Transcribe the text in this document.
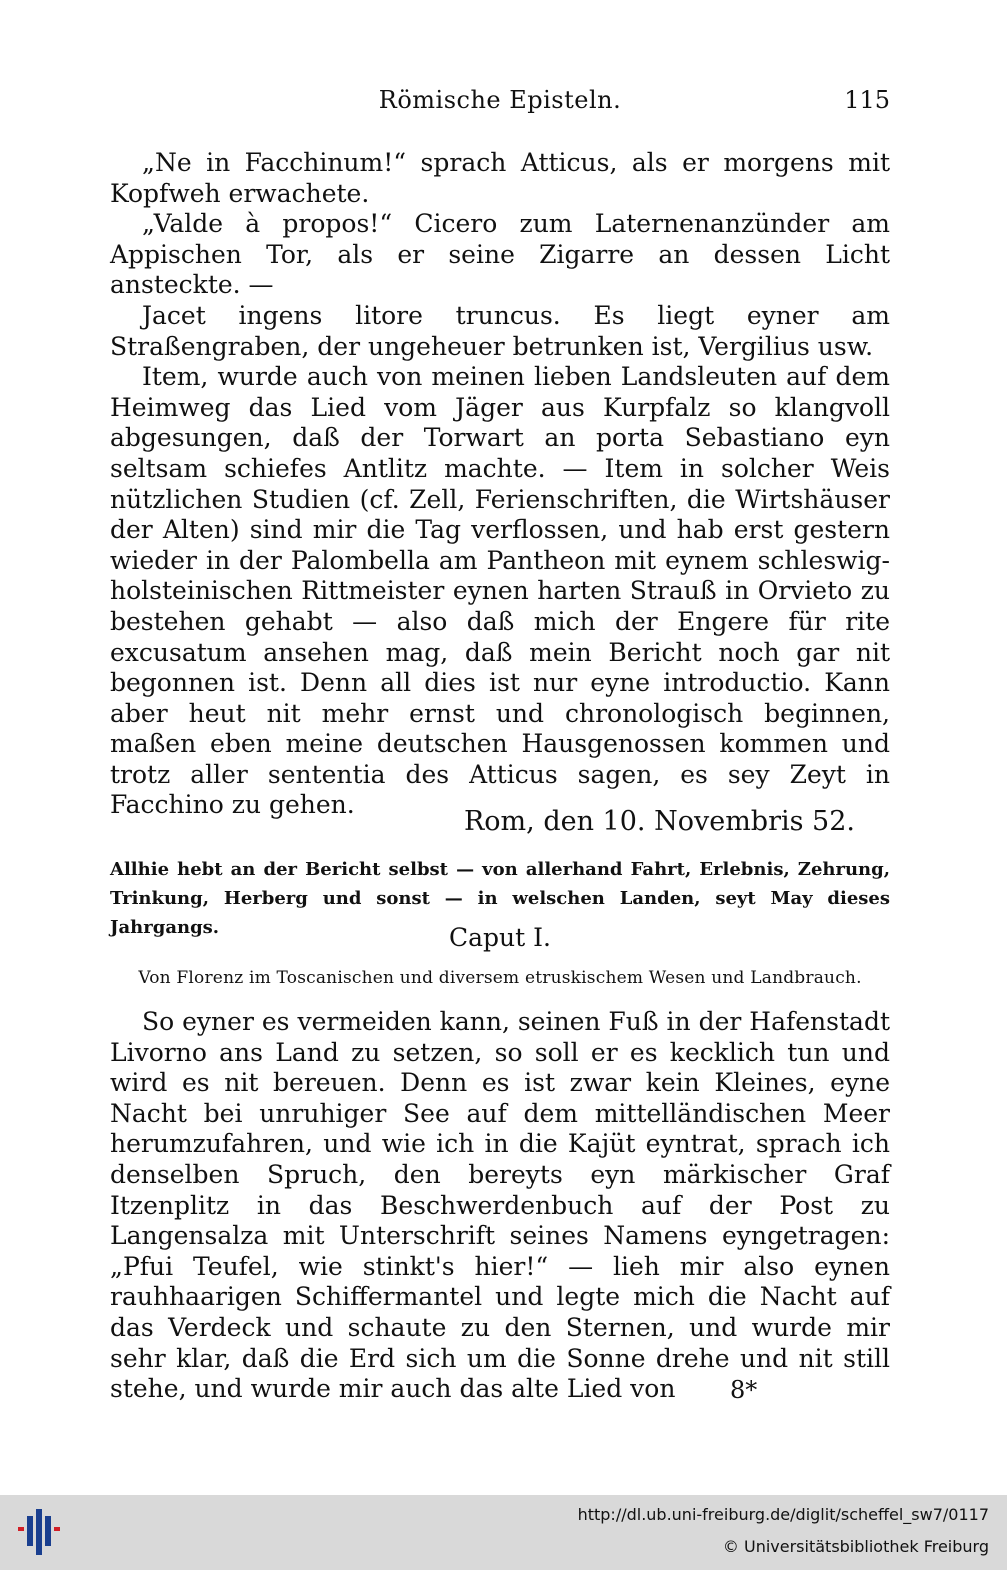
Römische Episteln.	115

„Ne in Facchinum!“ sprach Atticus, als er morgens mit Kopfweh erwachete.

„Valde à propos!“ Cicero zum Laternenanzünder am Appischen Tor, als er seine Zigarre an dessen Licht ansteckte. —

Jacet ingens litore truncus. Es liegt eyner am Straßengraben, der ungeheuer betrunken ist, Vergilius usw.

Item, wurde auch von meinen lieben Landsleuten auf dem Heimweg das Lied vom Jäger aus Kurpfalz so klangvoll abgesungen, daß der Torwart an porta Sebastiano eyn seltsam schiefes Antlitz machte. — Item in solcher Weis nützlichen Studien (cf. Zell, Ferienschriften, die Wirtshäuser der Alten) sind mir die Tag verflossen, und hab erst gestern wieder in der Palombella am Pantheon mit eynem schleswig-holsteinischen Rittmeister eynen harten Strauß in Orvieto zu bestehen gehabt — also daß mich der Engere für rite excusatum ansehen mag, daß mein Bericht noch gar nit begonnen ist. Denn all dies ist nur eyne introductio. Kann aber heut nit mehr ernst und chronologisch beginnen, maßen eben meine deutschen Hausgenossen kommen und trotz aller sententia des Atticus sagen, es sey Zeyt in Facchino zu gehen.

Rom, den 10. Novembris 52.
Allhie hebt an der Bericht selbst — von allerhand Fahrt, Erlebnis, Zehrung, Trinkung, Herberg und sonst — in welschen Landen, seyt May dieses Jahrgangs.	Caput I.
Von Florenz im Toscanischen und diversem etruskischem Wesen und Landbrauch.

So eyner es vermeiden kann, seinen Fuß in der Hafenstadt Livorno ans Land zu setzen, so soll er es kecklich tun und wird es nit bereuen. Denn es ist zwar kein Kleines, eyne Nacht bei unruhiger See auf dem mittelländischen Meer herumzufahren, und wie ich in die Kajüt eyntrat, sprach ich denselben Spruch, den bereyts eyn märkischer Graf Itzenplitz in das Beschwerdenbuch auf der Post zu Langensalza mit Unterschrift seines Namens eyngetragen: „Pfui Teufel, wie stinkt's hier!“ — lieh mir also eynen rauhhaarigen Schiffermantel und legte mich die Nacht auf das Verdeck und schaute zu den Sternen, und wurde mir sehr klar, daß die Erd sich um die Sonne drehe und nit still stehe, und wurde mir auch das alte Lied von	8*
http://dl.ub.uni-freiburg.de/diglit/scheffel_sw7/0117
© Universitätsbibliothek Freiburg
